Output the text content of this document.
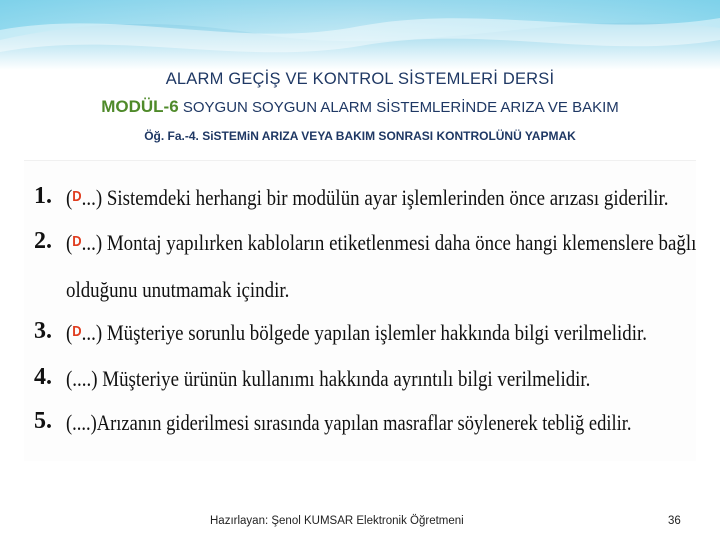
ALARM GEÇİŞ VE KONTROL SİSTEMLERİ DERSİ
MODÜL-6 SOYGUN SOYGUN ALARM SİSTEMLERİNDE ARIZA VE BAKIM
Öğ. Fa.-4. SiSTEMiN ARIZA VEYA BAKIM SONRASI KONTROLÜNÜ YAPMAK
1. (D...) Sistemdeki herhangi bir modülün ayar işlemlerinden önce arızası giderilir.
2. (D...) Montaj yapılırken kabloların etiketlenmesi daha önce hangi klemenslere bağlı
olduğunu unutmamak içindir.
3. (D...) Müşteriye sorunlu bölgede yapılan işlemler hakkında bilgi verilmelidir.
4. (....) Müşteriye ürünün kullanımı hakkında ayrıntılı bilgi verilmelidir.
5. (....)Arızanın giderilmesi sırasında yapılan masraflar söylenerek tebliğ edilir.
Hazırlayan: Şenol KUMSAR Elektronik Öğretmeni	36
